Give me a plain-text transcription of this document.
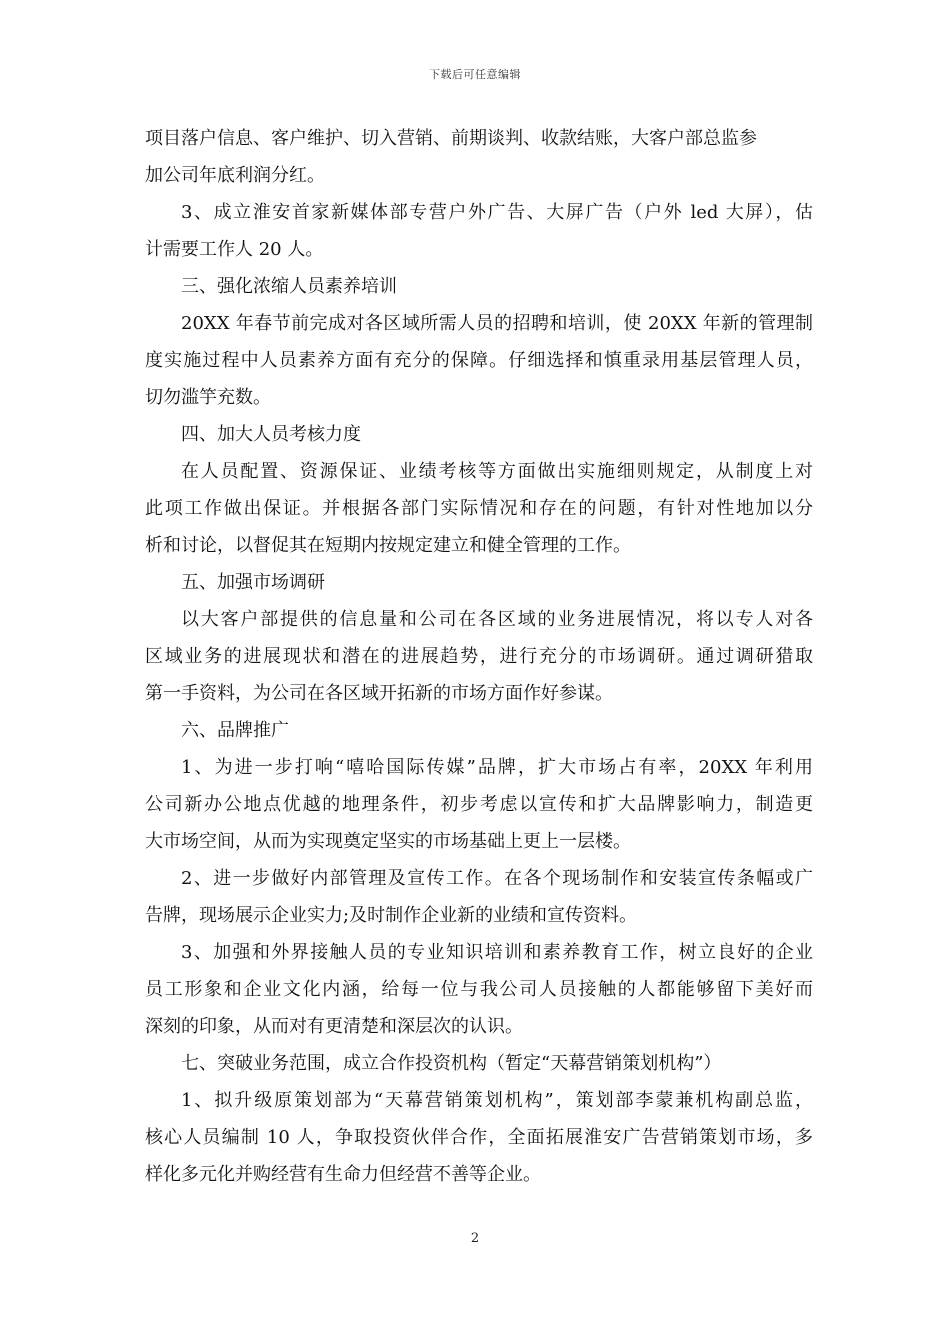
下载后可任意编辑
项目落户信息、客户维护、切入营销、前期谈判、收款结账，大客户部总监参
加公司年底利润分红。
3、成立淮安首家新媒体部专营户外广告、大屏广告（户外 led 大屏），估
计需要工作人 20 人。
三、强化浓缩人员素养培训
20XX 年春节前完成对各区域所需人员的招聘和培训，使 20XX 年新的管理制
度实施过程中人员素养方面有充分的保障。仔细选择和慎重录用基层管理人员，
切勿滥竽充数。
四、加大人员考核力度
在人员配置、资源保证、业绩考核等方面做出实施细则规定，从制度上对
此项工作做出保证。并根据各部门实际情况和存在的问题，有针对性地加以分
析和讨论，以督促其在短期内按规定建立和健全管理的工作。
五、加强市场调研
以大客户部提供的信息量和公司在各区域的业务进展情况，将以专人对各
区域业务的进展现状和潜在的进展趋势，进行充分的市场调研。通过调研猎取
第一手资料，为公司在各区域开拓新的市场方面作好参谋。
六、品牌推广
1、为进一步打响“嘻哈国际传媒”品牌，扩大市场占有率，20XX 年利用
公司新办公地点优越的地理条件，初步考虑以宣传和扩大品牌影响力，制造更
大市场空间，从而为实现奠定坚实的市场基础上更上一层楼。
2、进一步做好内部管理及宣传工作。在各个现场制作和安装宣传条幅或广
告牌，现场展示企业实力;及时制作企业新的业绩和宣传资料。
3、加强和外界接触人员的专业知识培训和素养教育工作，树立良好的企业
员工形象和企业文化内涵，给每一位与我公司人员接触的人都能够留下美好而
深刻的印象，从而对有更清楚和深层次的认识。
七、突破业务范围，成立合作投资机构（暂定“天幕营销策划机构”）
1、拟升级原策划部为“天幕营销策划机构”，策划部李蒙兼机构副总监，
核心人员编制 10 人，争取投资伙伴合作，全面拓展淮安广告营销策划市场，多
样化多元化并购经营有生命力但经营不善等企业。
2
